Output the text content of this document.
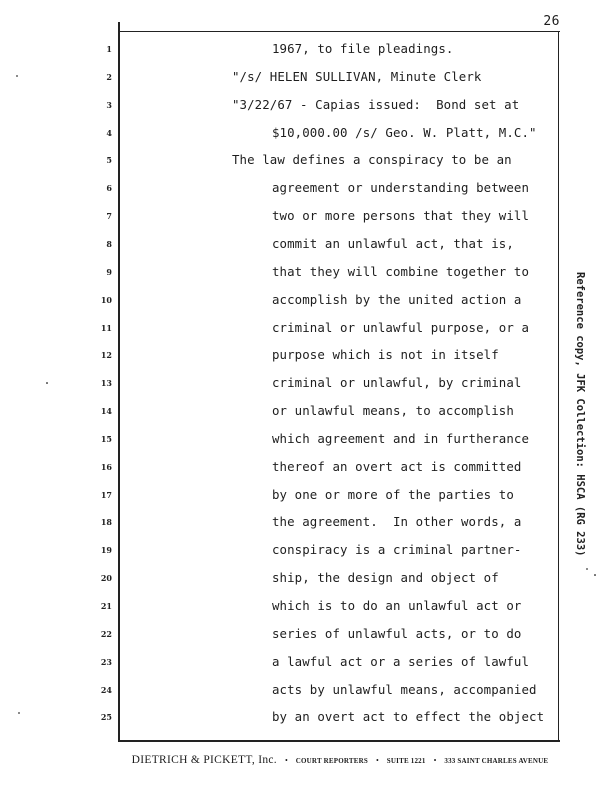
26
1	1967, to file pleadings.
2	"/s/ HELEN SULLIVAN, Minute Clerk
3	"3/22/67 - Capias issued:  Bond set at
4	$10,000.00 /s/ Geo. W. Platt, M.C."
5	The law defines a conspiracy to be an
6	agreement or understanding between
7	two or more persons that they will
8	commit an unlawful act, that is,
9	that they will combine together to
10	accomplish by the united action a
11	criminal or unlawful purpose, or a
12	purpose which is not in itself
13	criminal or unlawful, by criminal
14	or unlawful means, to accomplish
15	which agreement and in furtherance
16	thereof an overt act is committed
17	by one or more of the parties to
18	the agreement.  In other words, a
19	conspiracy is a criminal partner-
20	ship, the design and object of
21	which is to do an unlawful act or
22	series of unlawful acts, or to do
23	a lawful act or a series of lawful
24	acts by unlawful means, accompanied
25	by an overt act to effect the object
Reference copy, JFK Collection: HSCA (RG 233)
DIETRICH & PICKETT, Inc. • COURT REPORTERS • SUITE 1221 • 333 SAINT CHARLES AVENUE
